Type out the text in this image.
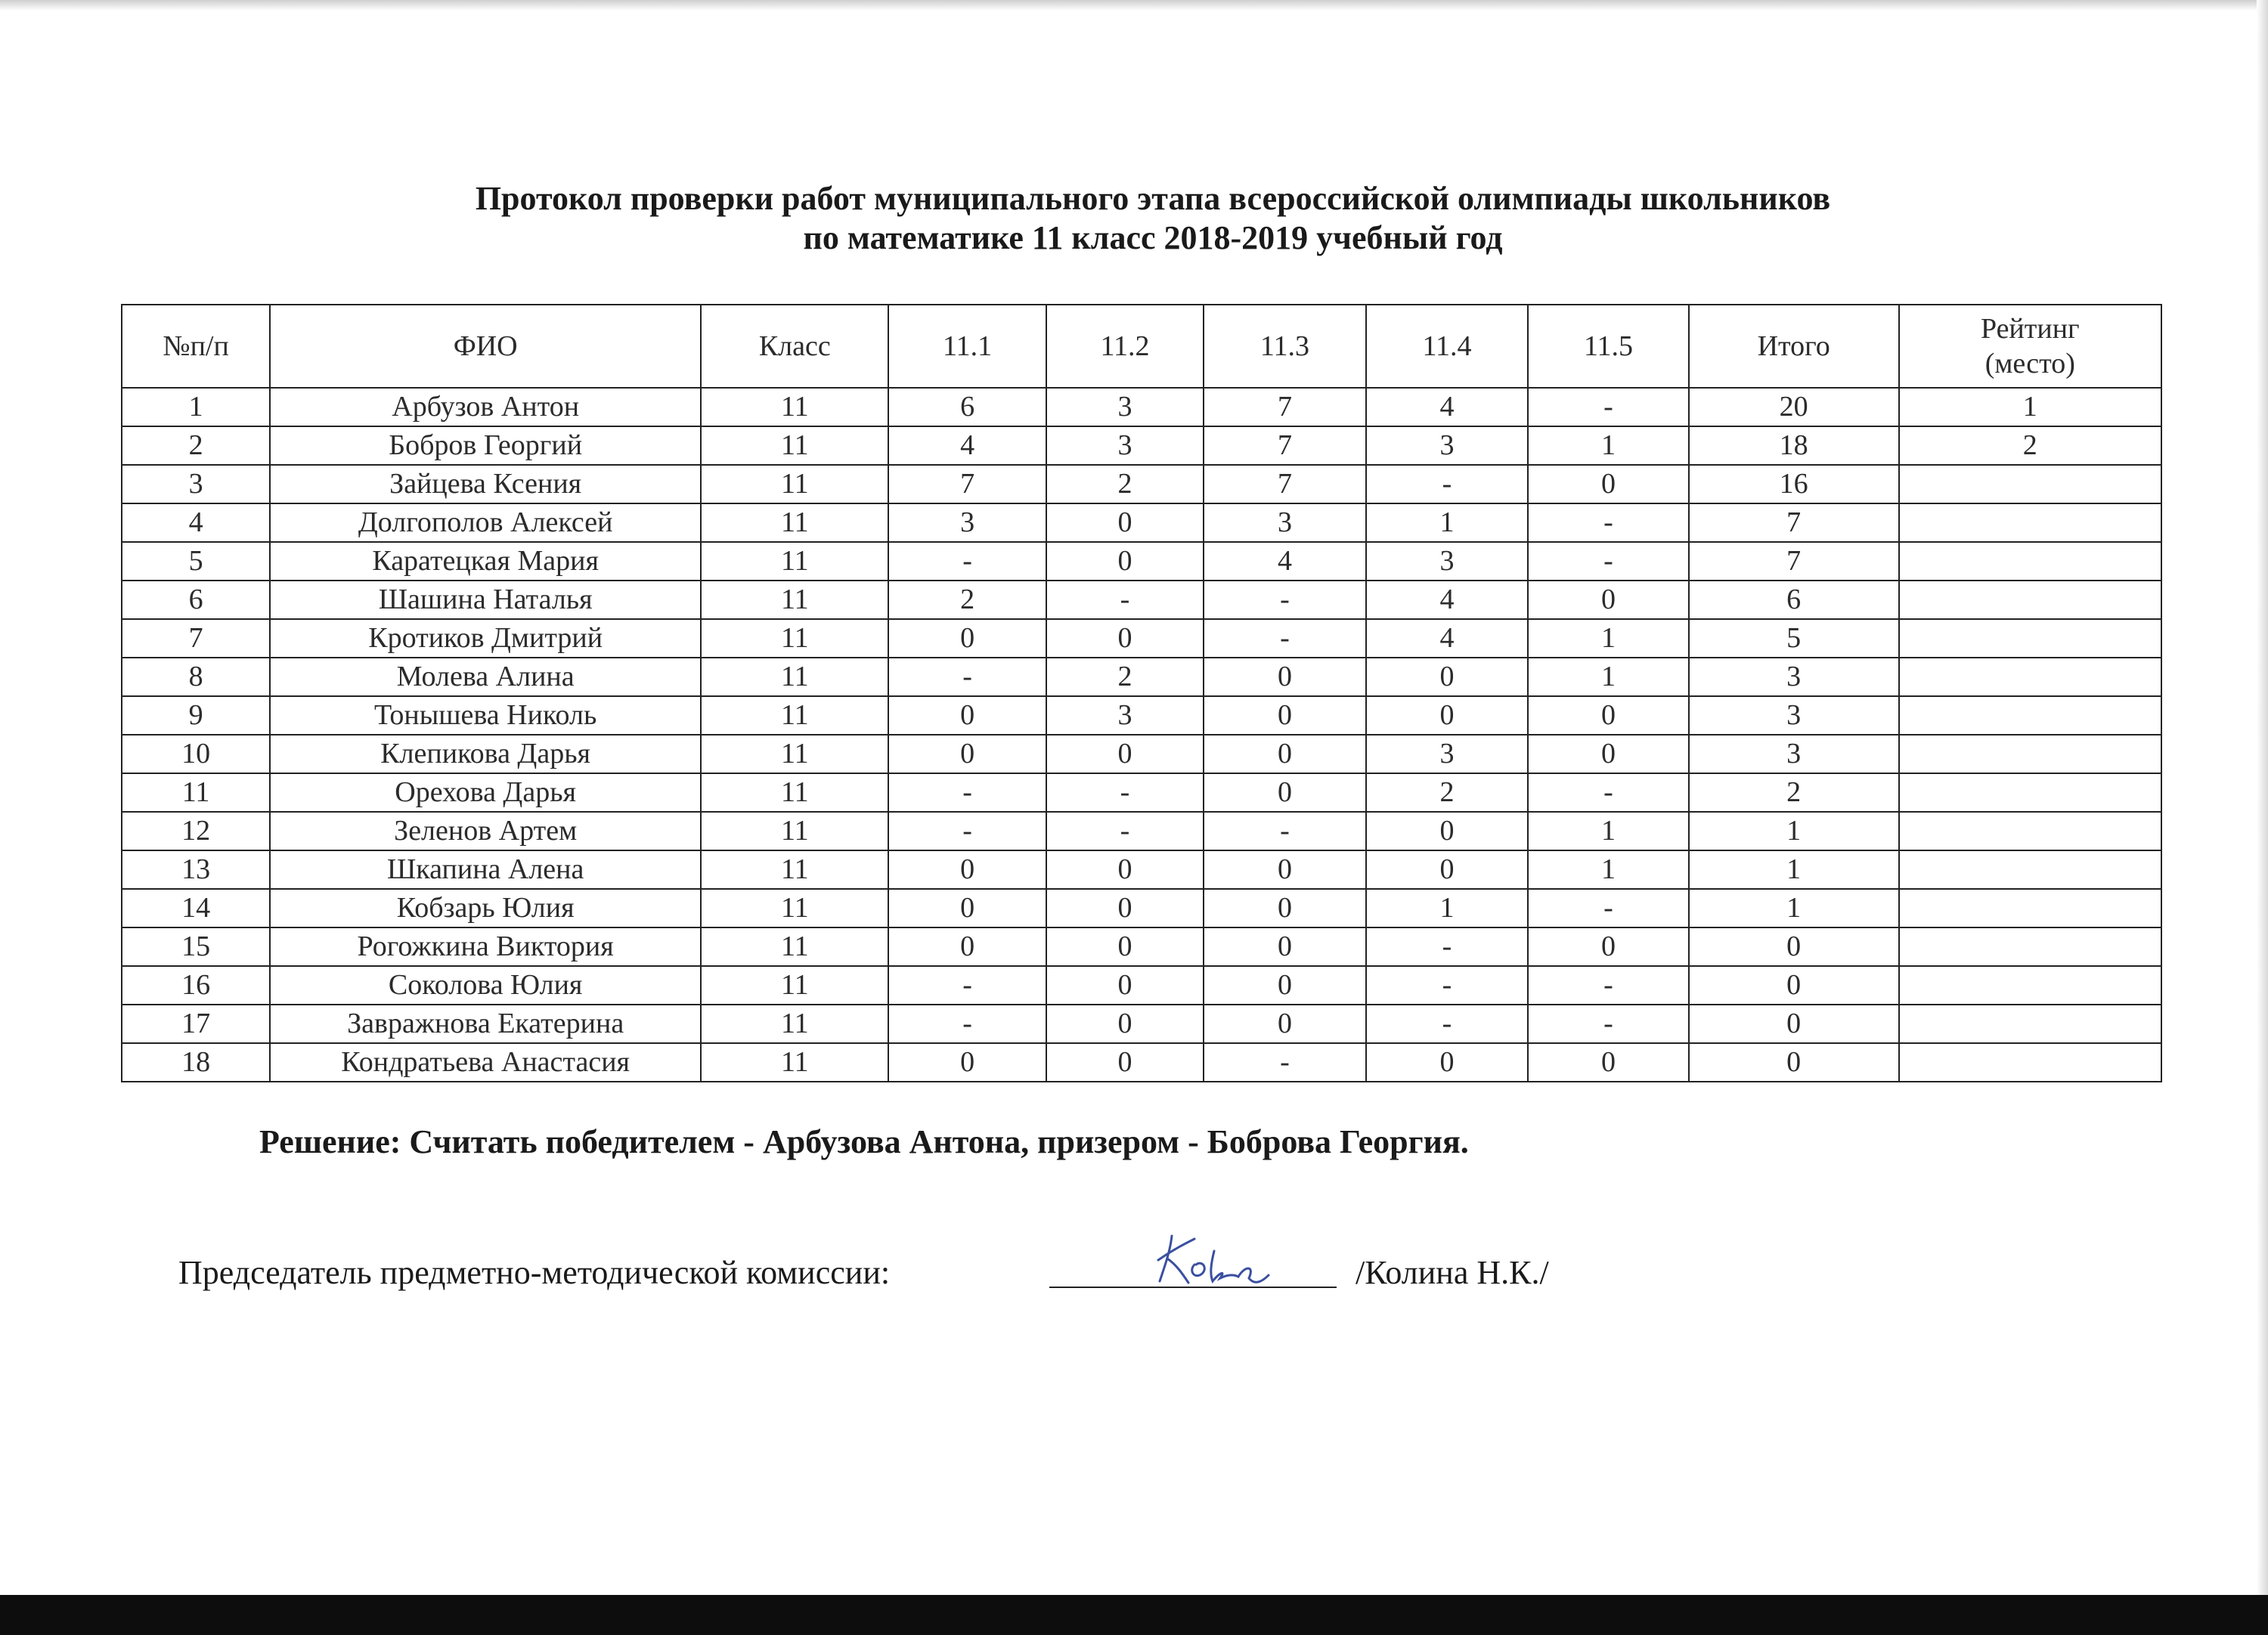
Протокол проверки работ муниципального этапа всероссийской олимпиады школьников
по математике 11 класс 2018-2019 учебный год
№п/п	ФИО	Класс	11.1	11.2	11.3	11.4	11.5	Итого	Рейтинг
(место)
1	Арбузов Антон	11	6	3	7	4	-	20	1
2	Бобров Георгий	11	4	3	7	3	1	18	2
3	Зайцева Ксения	11	7	2	7	-	0	16	
4	Долгополов Алексей	11	3	0	3	1	-	7	
5	Каратецкая Мария	11	-	0	4	3	-	7	
6	Шашина Наталья	11	2	-	-	4	0	6	
7	Кротиков Дмитрий	11	0	0	-	4	1	5	
8	Молева Алина	11	-	2	0	0	1	3	
9	Тонышева Николь	11	0	3	0	0	0	3	
10	Клепикова Дарья	11	0	0	0	3	0	3	
11	Орехова Дарья	11	-	-	0	2	-	2	
12	Зеленов Артем	11	-	-	-	0	1	1	
13	Шкапина Алена	11	0	0	0	0	1	1	
14	Кобзарь Юлия	11	0	0	0	1	-	1	
15	Рогожкина Виктория	11	0	0	0	-	0	0	
16	Соколова Юлия	11	-	0	0	-	-	0	
17	Завражнова Екатерина	11	-	0	0	-	-	0	
18	Кондратьева Анастасия	11	0	0	-	0	0	0	
Решение: Считать победителем - Арбузова Антона, призером - Боброва Георгия.
Председатель предметно-методической комиссии:	/Колина Н.К./
